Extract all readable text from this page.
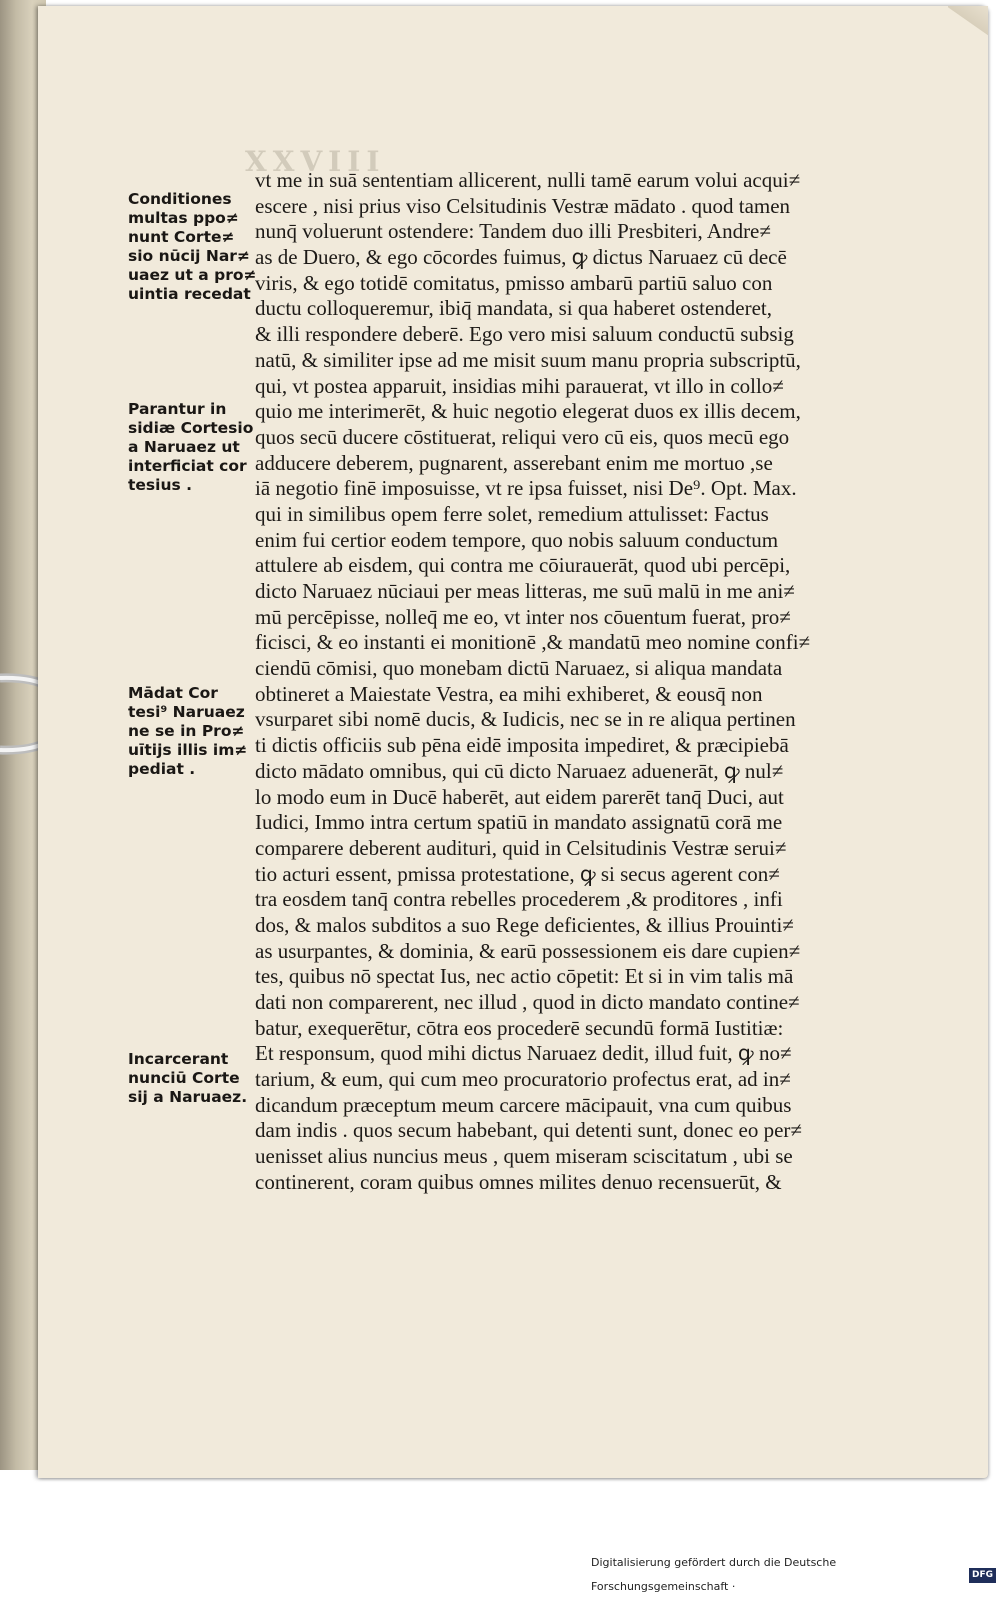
XXVIII
Conditiones
multas ppo≠
nunt Corte≠
sio nūcij Nar≠
uaez ut a pro≠
uintia recedat
Parantur in
sidiæ Cortesio
a Naruaez ut
interficiat cor
tesius .
Mādat Cor
tesi⁹ Naruaez
ne se in Pro≠
uītijs illis im≠
pediat .
Incarcerant
nunciū Corte
sij a Naruaez.
vt me in suā sententiam allicerent, nulli tamē earum volui acqui≠
escere , nisi prius viso Celsitudinis Vestræ mādato . quod tamen
nunq̄ voluerunt ostendere: Tandem duo illi Presbiteri, Andre≠
as de Duero, & ego cōcordes fuimus, ꝙ dictus Naruaez cū decē
viris, & ego totidē comitatus, pmisso ambarū partiū saluo con
ductu colloqueremur, ibiq̄ mandata, si qua haberet ostenderet,
& illi respondere deberē. Ego vero misi saluum conductū subsig
natū, & similiter ipse ad me misit suum manu propria subscriptū,
qui, vt postea apparuit, insidias mihi parauerat, vt illo in collo≠
quio me interimerēt, & huic negotio elegerat duos ex illis decem,
quos secū ducere cōstituerat, reliqui vero cū eis, quos mecū ego
adducere deberem, pugnarent, asserebant enim me mortuo ,se
iā negotio finē imposuisse, vt re ipsa fuisset, nisi De⁹. Opt. Max.
qui in similibus opem ferre solet, remedium attulisset: Factus
enim fui certior eodem tempore, quo nobis saluum conductum
attulere ab eisdem, qui contra me cōiurauerāt, quod ubi percēpi,
dicto Naruaez nūciaui per meas litteras, me suū malū in me ani≠
mū percēpisse, nolleq̄ me eo, vt inter nos cōuentum fuerat, pro≠
ficisci, & eo instanti ei monitionē ,& mandatū meo nomine confi≠
ciendū cōmisi, quo monebam dictū Naruaez, si aliqua mandata
obtineret a Maiestate Vestra, ea mihi exhiberet, & eousq̄ non
vsurparet sibi nomē ducis, & Iudicis, nec se in re aliqua pertinen
ti dictis officiis sub pēna eidē imposita impediret, & præcipiebā
dicto mādato omnibus, qui cū dicto Naruaez aduenerāt, ꝙ nul≠
lo modo eum in Ducē haberēt, aut eidem parerēt tanq̄ Duci, aut
Iudici, Immo intra certum spatiū in mandato assignatū corā me
comparere deberent audituri, quid in Celsitudinis Vestræ serui≠
tio acturi essent, pmissa protestatione, ꝙ si secus agerent con≠
tra eosdem tanq̄ contra rebelles procederem ,& proditores , infi
dos, & malos subditos a suo Rege deficientes, & illius Prouinti≠
as usurpantes, & dominia, & earū possessionem eis dare cupien≠
tes, quibus nō spectat Ius, nec actio cōpetit: Et si in vim talis mā
dati non comparerent, nec illud , quod in dicto mandato contine≠
batur, exequerētur, cōtra eos procederē secundū formā Iustitiæ:
Et responsum, quod mihi dictus Naruaez dedit, illud fuit, ꝙ no≠
tarium, & eum, qui cum meo procuratorio profectus erat, ad in≠
dicandum præceptum meum carcere mācipauit, vna cum quibus
dam indis . quos secum habebant, qui detenti sunt, donec eo per≠
uenisset alius nuncius meus , quem miseram sciscitatum , ubi se
continerent, coram quibus omnes milites denuo recensuerūt, &
Digitalisierung gefördert durch die Deutsche Forschungsgemeinschaft ·
DFG
